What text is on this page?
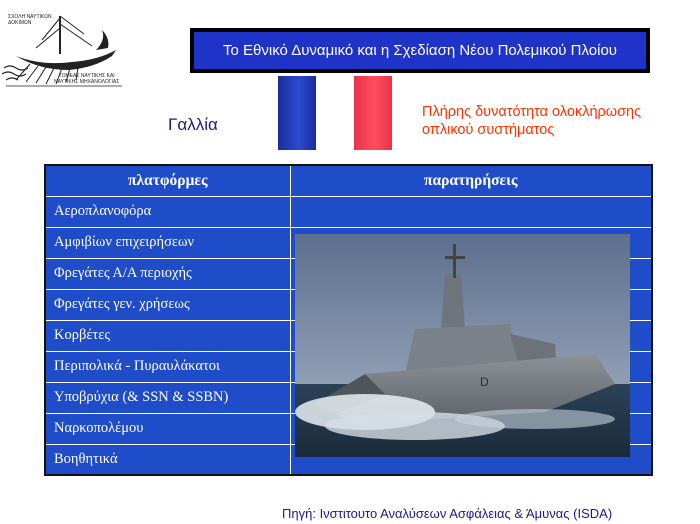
ΣΧΟΛΗ ΝΑΥΤΙΚΩΝ
ΔΟΚΙΜΩΝ
ΤΟΜΕΑΣ ΝΑΥΤΙΚΗΣ ΚΑΙ
ΝΑΥΤΙΚΗΣ ΜΗΧΑΝΟΛΟΓΙΑΣ
Το Εθνικό Δυναμικό και η Σχεδίαση Νέου Πολεμικού Πλοίου
Γαλλία
Πλήρης δυνατότητα ολοκλήρωσης
οπλικού συστήματος
πλατφόρμες	παρατηρήσεις
Αεροπλανοφόρα	
Αμφιβίων επιχειρήσεων	
Φρεγάτες Α/Α περιοχής	
Φρεγάτες γεν. χρήσεως	
Κορβέτες	
Περιπολικά - Πυραυλάκατοι	
Υποβρύχια (& SSN & SSBN)	
Ναρκοπολέμου	
Βοηθητικά	
D
Πηγή: Ινστιτουτο Αναλύσεων Ασφάλειας & Άμυνας (ISDA)
